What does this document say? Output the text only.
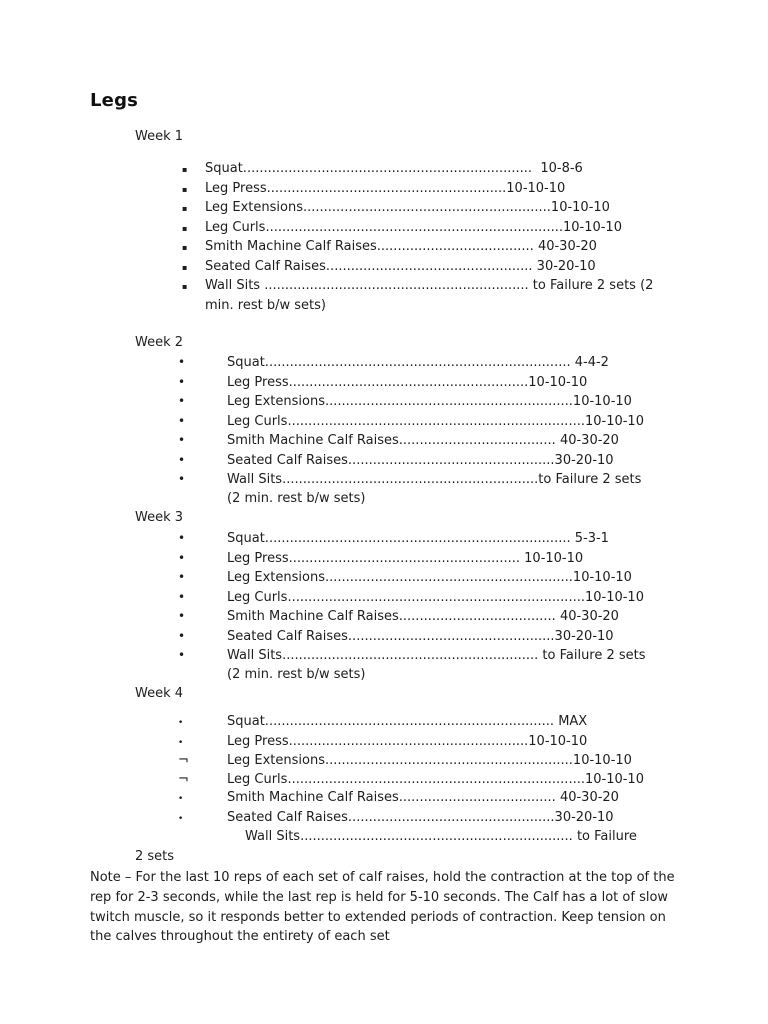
Legs
Week 1
▪	Squat......................................................................  10-8-6
▪	Leg Press..........................................................10-10-10
▪	Leg Extensions............................................................10-10-10
▪	Leg Curls........................................................................10-10-10
▪	Smith Machine Calf Raises...................................... 40-30-20
▪	Seated Calf Raises.................................................. 30-20-10
▪	Wall Sits ................................................................ to Failure 2 sets (2
min. rest b/w sets)
Week 2
•	Squat.......................................................................... 4-4-2
•	Leg Press..........................................................10-10-10
•	Leg Extensions............................................................10-10-10
•	Leg Curls........................................................................10-10-10
•	Smith Machine Calf Raises...................................... 40-30-20
•	Seated Calf Raises..................................................30-20-10
•	Wall Sits..............................................................to Failure 2 sets
(2 min. rest b/w sets)
Week 3
•	Squat.......................................................................... 5-3-1
•	Leg Press........................................................ 10-10-10
•	Leg Extensions............................................................10-10-10
•	Leg Curls........................................................................10-10-10
•	Smith Machine Calf Raises...................................... 40-30-20
•	Seated Calf Raises..................................................30-20-10
•	Wall Sits.............................................................. to Failure 2 sets
(2 min. rest b/w sets)
Week 4
•	Squat...................................................................... MAX
•	Leg Press..........................................................10-10-10
¬	Leg Extensions............................................................10-10-10
¬	Leg Curls........................................................................10-10-10
•	Smith Machine Calf Raises...................................... 40-30-20
•	Seated Calf Raises..................................................30-20-10
Wall Sits.................................................................. to Failure
2 sets

Note – For the last 10 reps of each set of calf raises, hold the contraction at the top of the rep for 2-3 seconds, while the last rep is held for 5-10 seconds. The Calf has a lot of slow twitch muscle, so it responds better to extended periods of contraction. Keep tension on the calves throughout the entirety of each set
